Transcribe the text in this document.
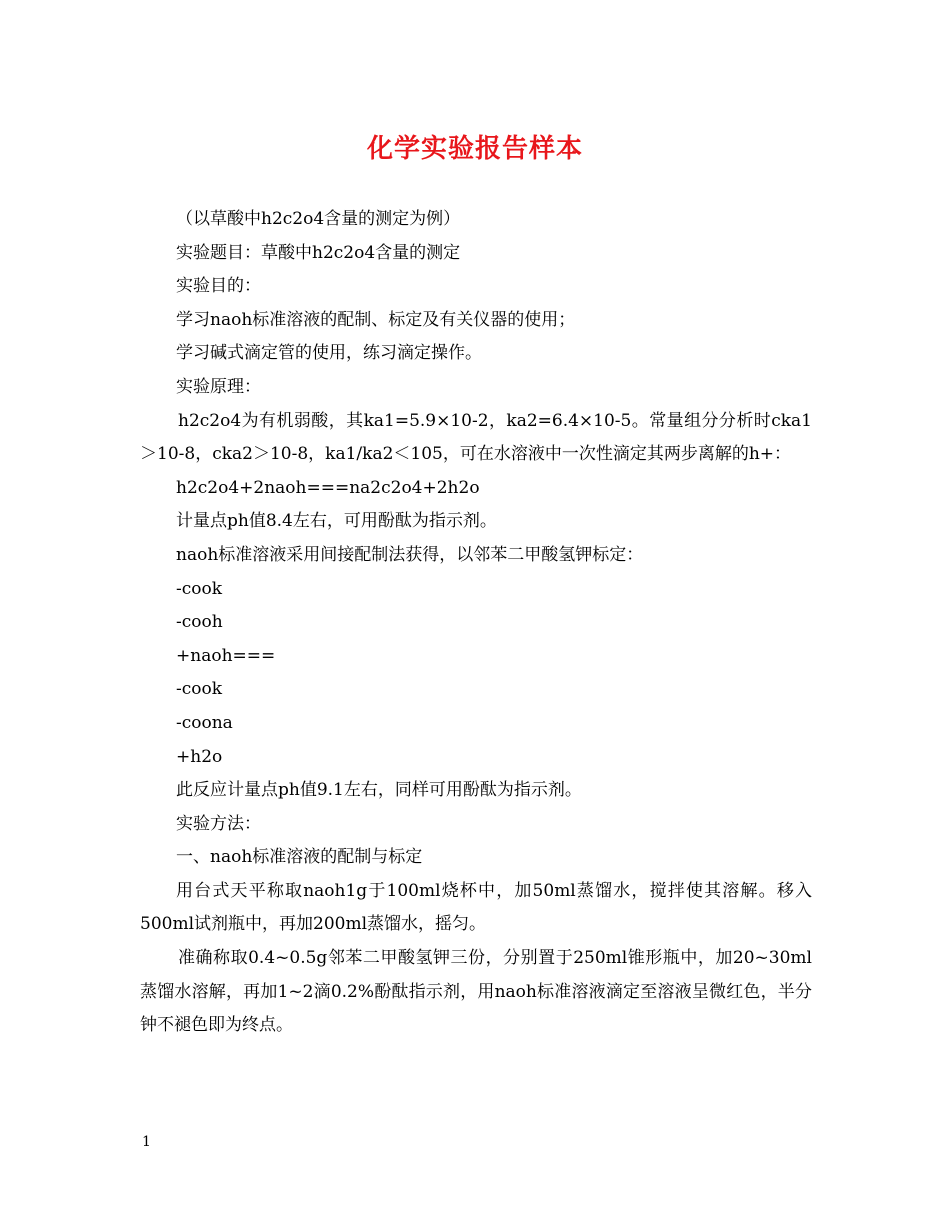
化学实验报告样本
（以草酸中h2c2o4含量的测定为例）
实验题目：草酸中h2c2o4含量的测定
实验目的：
学习naoh标准溶液的配制、标定及有关仪器的使用；
学习碱式滴定管的使用，练习滴定操作。
实验原理：
h2c2o4为有机弱酸，其ka1=5.9×10-2，ka2=6.4×10-5。常量组分分析时cka1＞10-8，cka2＞10-8，ka1/ka2＜105，可在水溶液中一次性滴定其两步离解的h+：
h2c2o4+2naoh===na2c2o4+2h2o
计量点ph值8.4左右，可用酚酞为指示剂。
naoh标准溶液采用间接配制法获得，以邻苯二甲酸氢钾标定：
-cook
-cooh
+naoh===
-cook
-coona
+h2o
此反应计量点ph值9.1左右，同样可用酚酞为指示剂。
实验方法：
一、naoh标准溶液的配制与标定
用台式天平称取naoh1g于100ml烧杯中，加50ml蒸馏水，搅拌使其溶解。移入500ml试剂瓶中，再加200ml蒸馏水，摇匀。
准确称取0.4~0.5g邻苯二甲酸氢钾三份，分别置于250ml锥形瓶中，加20~30ml蒸馏水溶解，再加1~2滴0.2%酚酞指示剂，用naoh标准溶液滴定至溶液呈微红色，半分钟不褪色即为终点。
1
